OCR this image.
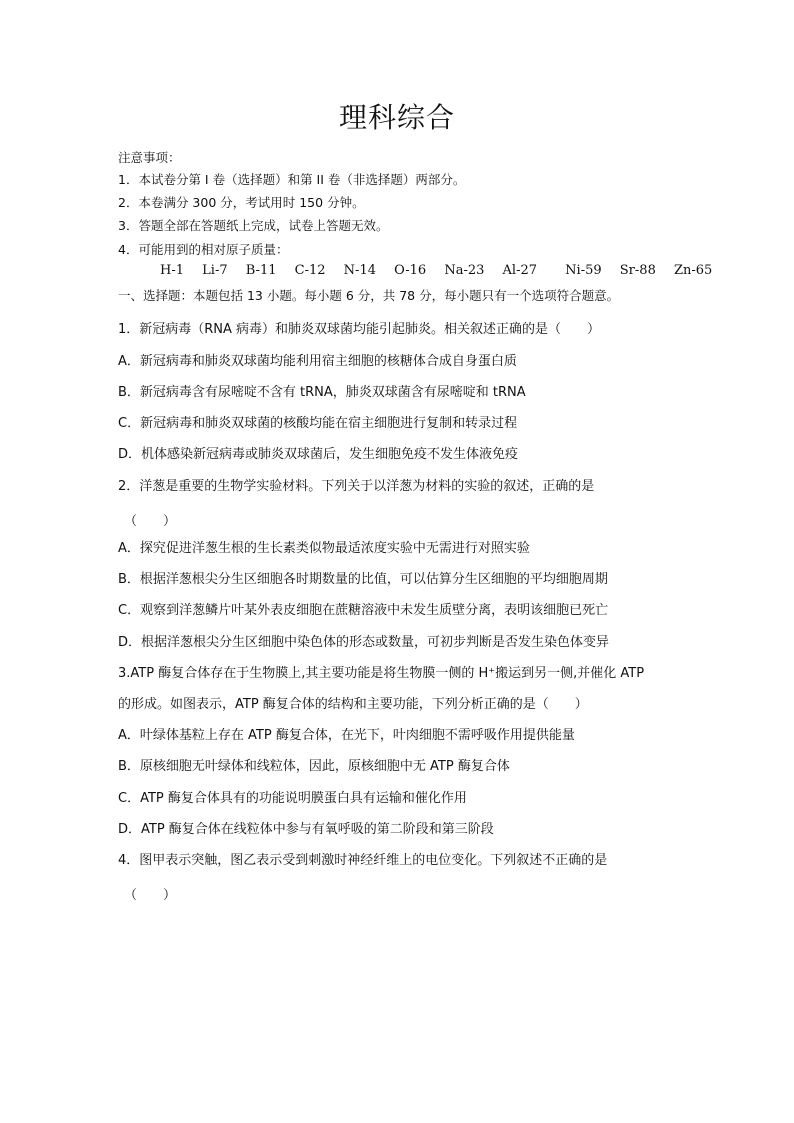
理科综合
注意事项：
1．本试卷分第 I 卷（选择题）和第 II 卷（非选择题）两部分。
2．本卷满分 300 分，考试用时 150 分钟。
3．答题全部在答题纸上完成，试卷上答题无效。
4．可能用到的相对原子质量：
H-1 Li-7 B-11 C-12 N-14 O-16 Na-23 Al-27 Ni-59 Sr-88 Zn-65
一、选择题：本题包括 13 小题。每小题 6 分，共 78 分，每小题只有一个选项符合题意。
1．新冠病毒（RNA 病毒）和肺炎双球菌均能引起肺炎。相关叙述正确的是（　　）
A．新冠病毒和肺炎双球菌均能利用宿主细胞的核糖体合成自身蛋白质
B．新冠病毒含有尿嘧啶不含有 tRNA，肺炎双球菌含有尿嘧啶和 tRNA
C．新冠病毒和肺炎双球菌的核酸均能在宿主细胞进行复制和转录过程
D．机体感染新冠病毒或肺炎双球菌后，发生细胞免疫不发生体液免疫
2．洋葱是重要的生物学实验材料。下列关于以洋葱为材料的实验的叙述，正确的是
（　　）
A．探究促进洋葱生根的生长素类似物最适浓度实验中无需进行对照实验
B．根据洋葱根尖分生区细胞各时期数量的比值，可以估算分生区细胞的平均细胞周期
C．观察到洋葱鳞片叶某外表皮细胞在蔗糖溶液中未发生质壁分离，表明该细胞已死亡
D．根据洋葱根尖分生区细胞中染色体的形态或数量，可初步判断是否发生染色体变异
3.ATP 酶复合体存在于生物膜上,其主要功能是将生物膜一侧的 H⁺搬运到另一侧,并催化 ATP
的形成。如图表示，ATP 酶复合体的结构和主要功能，下列分析正确的是（　　）
A．叶绿体基粒上存在 ATP 酶复合体，在光下，叶肉细胞不需呼吸作用提供能量
B．原核细胞无叶绿体和线粒体，因此，原核细胞中无 ATP 酶复合体
C．ATP 酶复合体具有的功能说明膜蛋白具有运输和催化作用
D．ATP 酶复合体在线粒体中参与有氧呼吸的第二阶段和第三阶段
4．图甲表示突触，图乙表示受到刺激时神经纤维上的电位变化。下列叙述不正确的是
（　　）
